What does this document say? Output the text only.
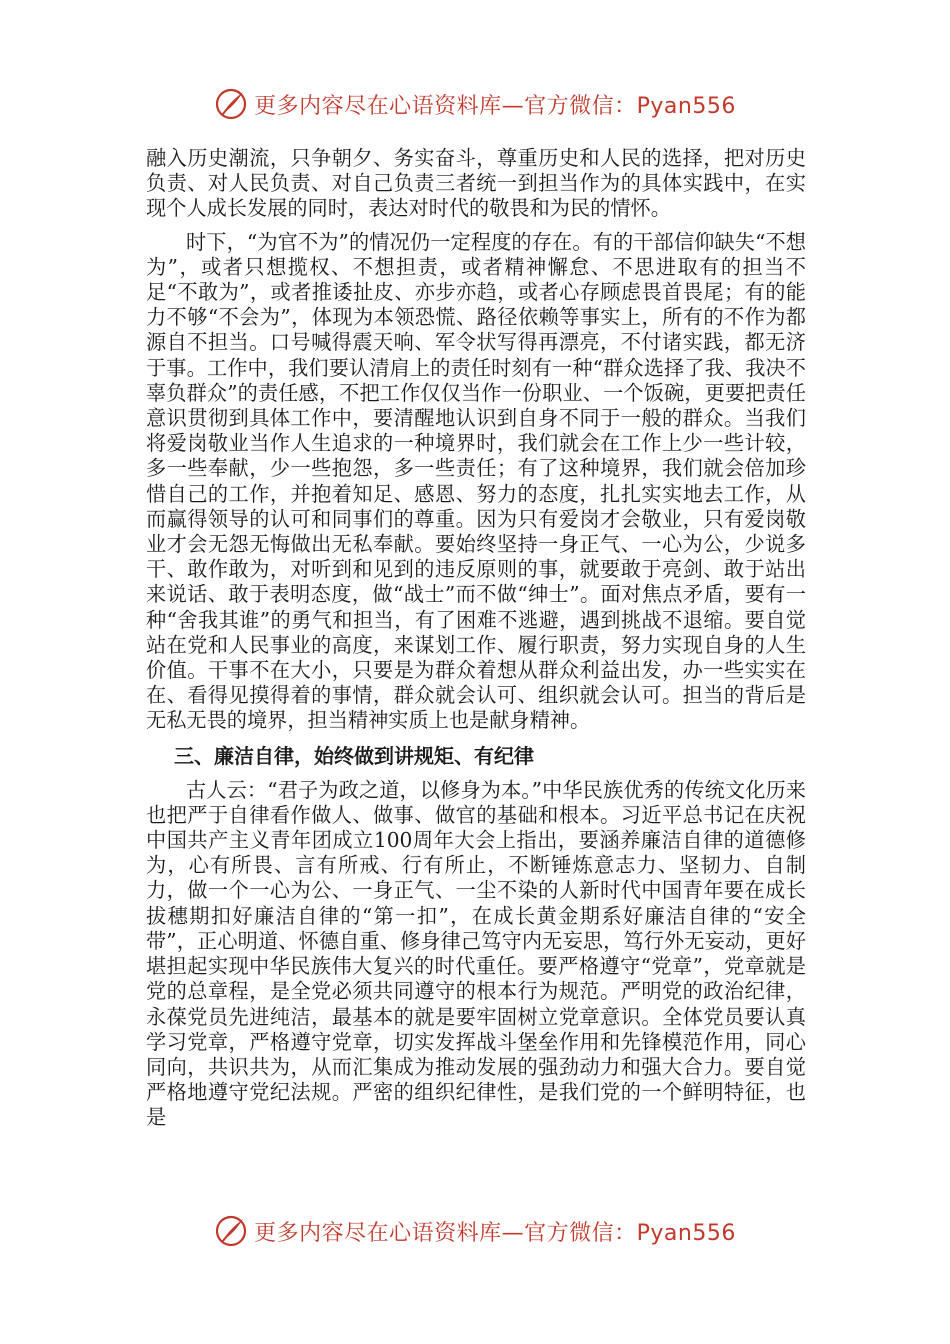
更多内容尽在心语资料库—官方微信：Pyan556

融入历史潮流，只争朝夕、务实奋斗，尊重历史和人民的选择，把对历史负责、对人民负责、对自己负责三者统一到担当作为的具体实践中，在实现个人成长发展的同时，表达对时代的敬畏和为民的情怀。

时下，“为官不为”的情况仍一定程度的存在。有的干部信仰缺失“不想为”，或者只想揽权、不想担责，或者精神懈怠、不思进取有的担当不足“不敢为”，或者推诿扯皮、亦步亦趋，或者心存顾虑畏首畏尾；有的能力不够“不会为”，体现为本领恐慌、路径依赖等事实上，所有的不作为都源自不担当。口号喊得震天响、军令状写得再漂亮，不付诸实践，都无济于事。工作中，我们要认清肩上的责任时刻有一种“群众选择了我、我决不辜负群众”的责任感，不把工作仅仅当作一份职业、一个饭碗，更要把责任意识贯彻到具体工作中，要清醒地认识到自身不同于一般的群众。当我们将爱岗敬业当作人生追求的一种境界时，我们就会在工作上少一些计较，多一些奉献，少一些抱怨，多一些责任；有了这种境界，我们就会倍加珍惜自己的工作，并抱着知足、感恩、努力的态度，扎扎实实地去工作，从而赢得领导的认可和同事们的尊重。因为只有爱岗才会敬业，只有爱岗敬业才会无怨无悔做出无私奉献。要始终坚持一身正气、一心为公，少说多干、敢作敢为，对听到和见到的违反原则的事，就要敢于亮剑、敢于站出来说话、敢于表明态度，做“战士”而不做“绅士”。面对焦点矛盾，要有一种“舍我其谁”的勇气和担当，有了困难不逃避，遇到挑战不退缩。要自觉站在党和人民事业的高度，来谋划工作、履行职责，努力实现自身的人生价值。干事不在大小，只要是为群众着想从群众利益出发，办一些实实在在、看得见摸得着的事情，群众就会认可、组织就会认可。担当的背后是无私无畏的境界，担当精神实质上也是献身精神。

三、廉洁自律，始终做到讲规矩、有纪律

古人云：“君子为政之道，以修身为本。”中华民族优秀的传统文化历来也把严于自律看作做人、做事、做官的基础和根本。习近平总书记在庆祝中国共产主义青年团成立100周年大会上指出，要涵养廉洁自律的道德修为，心有所畏、言有所戒、行有所止，不断锤炼意志力、坚韧力、自制力，做一个一心为公、一身正气、一尘不染的人新时代中国青年要在成长拔穗期扣好廉洁自律的“第一扣”，在成长黄金期系好廉洁自律的“安全带”，正心明道、怀德自重、修身律己笃守内无妄思，笃行外无妄动，更好堪担起实现中华民族伟大复兴的时代重任。要严格遵守“党章”，党章就是党的总章程，是全党必须共同遵守的根本行为规范。严明党的政治纪律，永葆党员先进纯洁，最基本的就是要牢固树立党章意识。全体党员要认真学习党章，严格遵守党章，切实发挥战斗堡垒作用和先锋模范作用，同心同向，共识共为，从而汇集成为推动发展的强劲动力和强大合力。要自觉严格地遵守党纪法规。严密的组织纪律性，是我们党的一个鲜明特征，也是

更多内容尽在心语资料库—官方微信：Pyan556
